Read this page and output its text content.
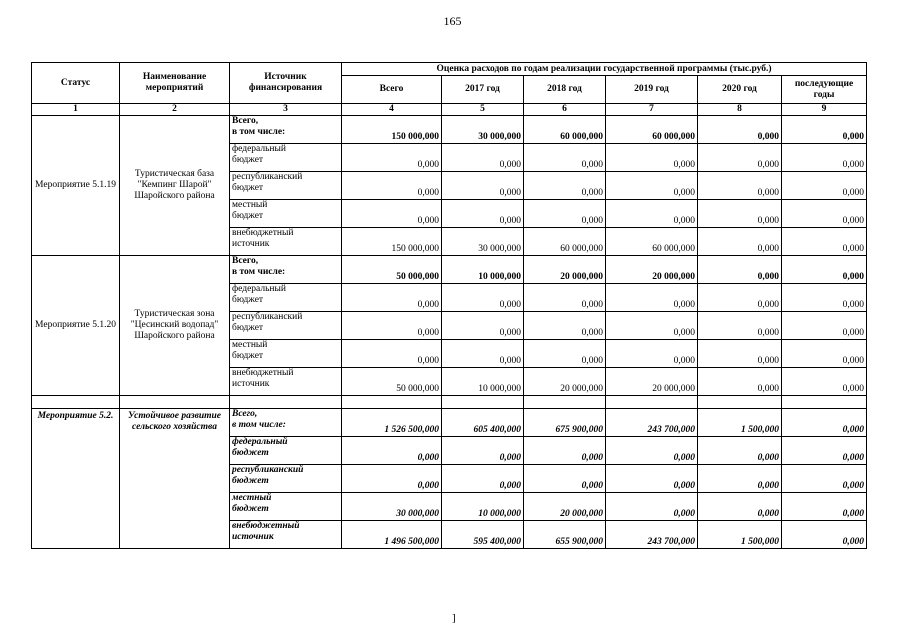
165
Статус	Наименование мероприятий	Источник финансирования	Оценка расходов по годам реализации государственной программы (тыс.руб.)					
			Всего	2017 год	2018 год	2019 год	2020 год	последующие годы
1	2	3	4	5	6	7	8	9
Мероприятие 5.1.19	Туристическая база "Кемпинг Шарой" Шаройского района	Всего,
в том числе:	150 000,000	30 000,000	60 000,000	60 000,000	0,000	0,000
		федеральный
бюджет	0,000	0,000	0,000	0,000	0,000	0,000
		республиканский
бюджет	0,000	0,000	0,000	0,000	0,000	0,000
		местный
бюджет	0,000	0,000	0,000	0,000	0,000	0,000
		внебюджетный
источник	150 000,000	30 000,000	60 000,000	60 000,000	0,000	0,000
Мероприятие 5.1.20	Туристическая зона "Цесинский водопад" Шаройского района	Всего,
в том числе:	50 000,000	10 000,000	20 000,000	20 000,000	0,000	0,000
		федеральный
бюджет	0,000	0,000	0,000	0,000	0,000	0,000
		республиканский
бюджет	0,000	0,000	0,000	0,000	0,000	0,000
		местный
бюджет	0,000	0,000	0,000	0,000	0,000	0,000
		внебюджетный
источник	50 000,000	10 000,000	20 000,000	20 000,000	0,000	0,000

Мероприятие 5.2.	Устойчивое развитие сельского хозяйства	Всего,
в том числе:	1 526 500,000	605 400,000	675 900,000	243 700,000	1 500,000	0,000
		федеральный
бюджет	0,000	0,000	0,000	0,000	0,000	0,000
		республиканский
бюджет	0,000	0,000	0,000	0,000	0,000	0,000
		местный
бюджет	30 000,000	10 000,000	20 000,000	0,000	0,000	0,000
		внебюджетный
источник	1 496 500,000	595 400,000	655 900,000	243 700,000	1 500,000	0,000
]
